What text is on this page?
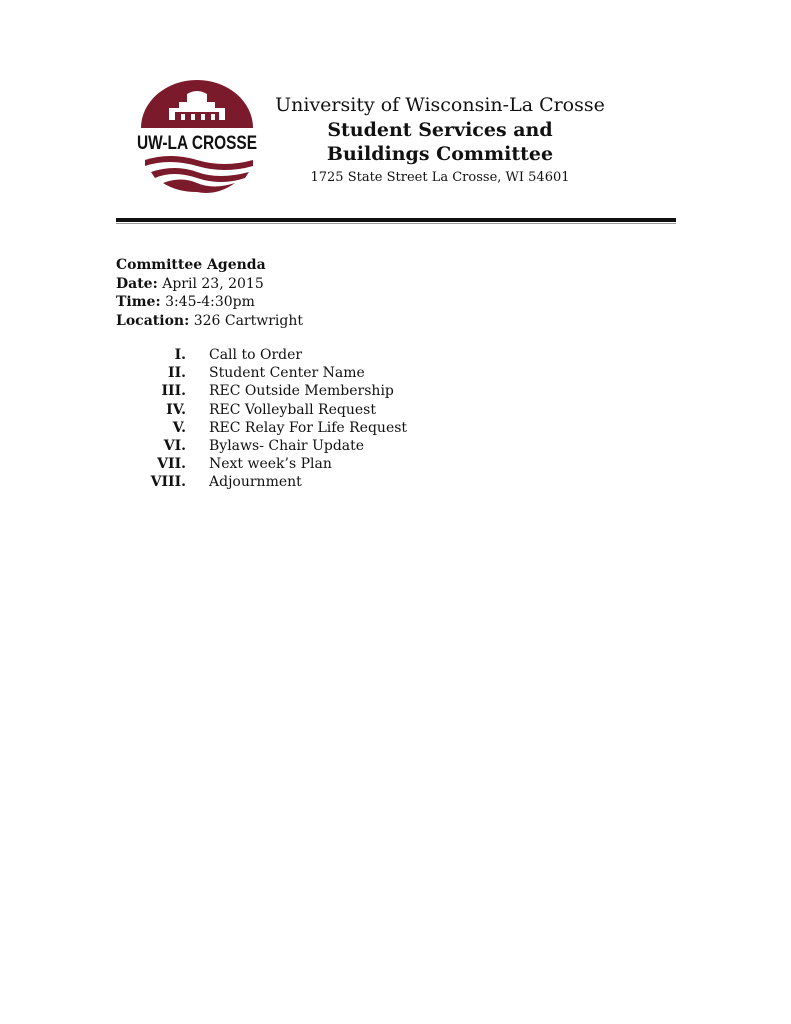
UW-LA CROSSE
University of Wisconsin-La Crosse
Student Services and
Buildings Committee
1725 State Street La Crosse, WI 54601
Committee Agenda
Date: April 23, 2015
Time: 3:45-4:30pm
Location: 326 Cartwright
I. Call to Order
II. Student Center Name
III. REC Outside Membership
IV. REC Volleyball Request
V. REC Relay For Life Request
VI. Bylaws- Chair Update
VII. Next week’s Plan
VIII. Adjournment
